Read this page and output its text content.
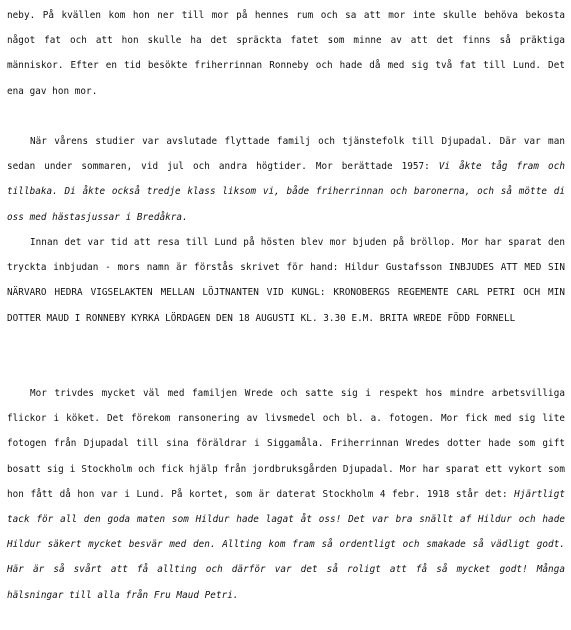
neby. På kvällen kom hon ner till mor på hennes rum och sa att mor inte skulle behöva bekosta något fat och att hon skulle ha det spräckta fatet som minne av att det finns så präktiga människor. Efter en tid besökte friherrinnan Ronneby och hade då med sig två fat till Lund. Det ena gav hon mor.

När vårens studier var avslutade flyttade familj och tjänstefolk till Djupadal. Där var man sedan under sommaren, vid jul och andra högtider. Mor berättade 1957: Vi åkte tåg fram och tillbaka. Di åkte också tredje klass liksom vi, både friherrinnan och baronerna, och så mötte di oss med hästasjussar i Bredåkra.

Innan det var tid att resa till Lund på hösten blev mor bjuden på bröllop. Mor har sparat den tryckta inbjudan - mors namn är förstås skrivet för hand: Hildur Gustafsson INBJUDES ATT MED SIN NÄRVARO HEDRA VIGSELAKTEN MELLAN LÖJTNANTEN VID KUNGL: KRONOBERGS REGEMENTE CARL PETRI OCH MIN DOTTER MAUD I RONNEBY KYRKA LÖRDAGEN DEN 18 AUGUSTI KL. 3.30 E.M. BRITA WREDE FÖDD FORNELL

Mor trivdes mycket väl med familjen Wrede och satte sig i respekt hos mindre arbetsvilliga flickor i köket. Det förekom ransonering av livsmedel och bl. a. fotogen. Mor fick med sig lite fotogen från Djupadal till sina föräldrar i Siggamåla. Friherrinnan Wredes dotter hade som gift bosatt sig i Stockholm och fick hjälp från jordbruksgården Djupadal. Mor har sparat ett vykort som hon fått då hon var i Lund. På kortet, som är daterat Stockholm 4 febr. 1918 står det: Hjärtligt tack för all den goda maten som Hildur hade lagat åt oss! Det var bra snällt af Hildur och hade Hildur säkert mycket besvär med den. Allting kom fram så ordentligt och smakade så vädligt godt. Här är så svårt att få allting och därför var det så roligt att få så mycket godt! Många hälsningar till alla från Fru Maud Petri.
